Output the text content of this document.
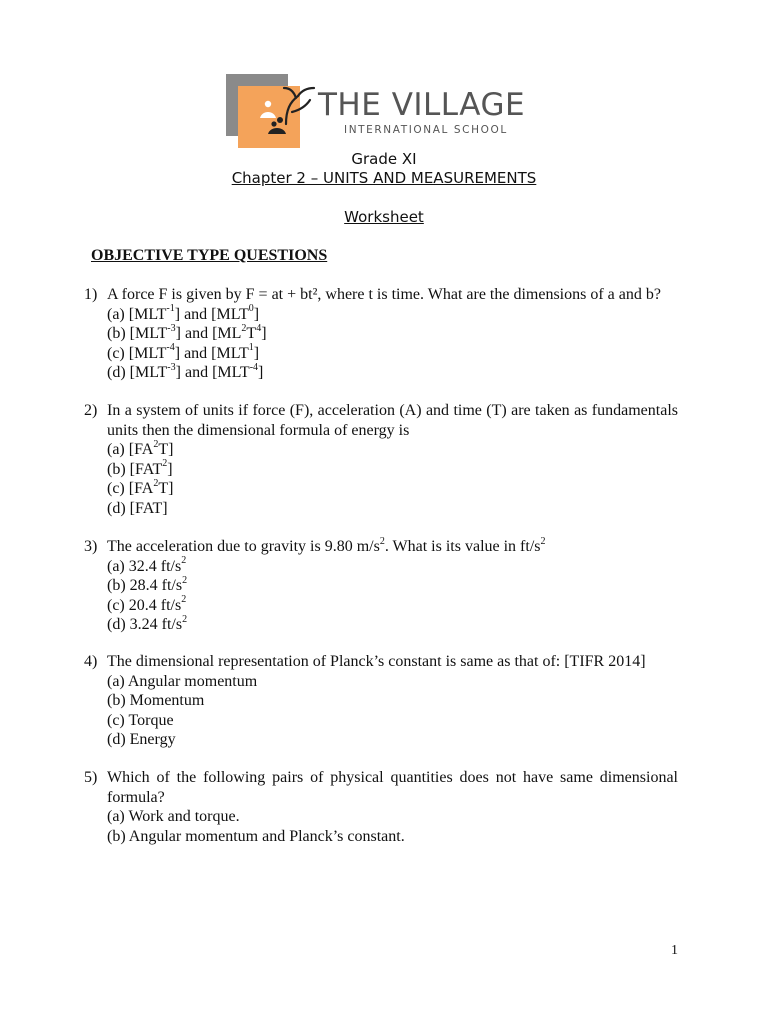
THE VILLAGE
INTERNATIONAL SCHOOL
Grade XI
Chapter 2 – UNITS AND MEASUREMENTS
Worksheet
OBJECTIVE TYPE QUESTIONS
1) A force F is given by F = at + bt², where t is time. What are the dimensions of a and b?
(a) $[MLT^{-1}]$ and [MLT$^0$]
(b) $[MLT^{-3}]$ and $[ML^2T^4]$
(c) $[MLT^{-4}]$ and [MLT$^1$]
(d) $[MLT^{-3}]$ and $[MLT^{-4}]$
2) In a system of units if force (F), acceleration (A) and time (T) are taken as fundamentals units then the dimensional formula of energy is
(a) $[FA^2T]$
(b) [FAT$^2$]
(c) $[FA^2T]$
(d) [FAT]
3) The acceleration due to gravity is 9.80 $m/s^2$. What is its value in $ft/s^2$
(a) 32.4 $ft/s^2$
(b) 28.4 $ft/s^2$
(c) 20.4 $ft/s^2$
(d) 3.24 $ft/s^2$
4) The dimensional representation of Planck’s constant is same as that of: [TIFR 2014]
(a) Angular momentum
(b) Momentum
(c) Torque
(d) Energy
5) Which of the following pairs of physical quantities does not have same dimensional formula?
(a) Work and torque.
(b) Angular momentum and Planck’s constant.
1
